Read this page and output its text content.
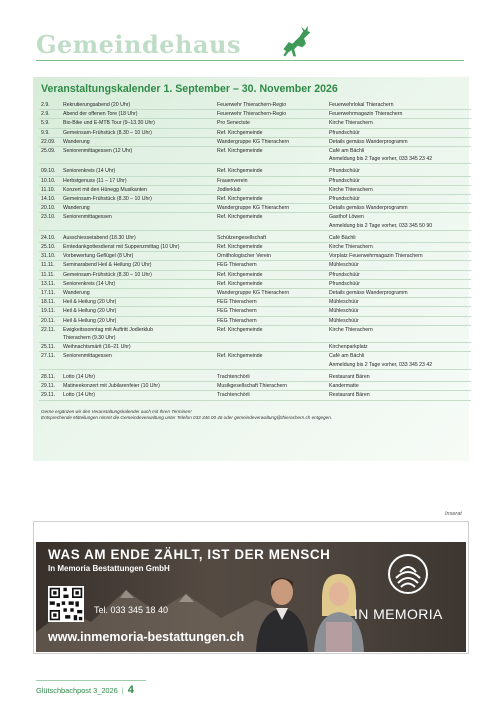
Gemeindehaus
Veranstaltungskalender 1. September – 30. November 2026
2.9.	Rekrutierungsabend (20 Uhr)	Feuerwehr Thierachern-Regio	Feuerwehrlokal Thierachern
2.9.	Abend der offenen Tore (18 Uhr)	Feuerwehr Thierachern-Regio	Feuerwehrmagazin Thierachern
5.9.	Bio-Bike und E-MTB Tour (9–13.30 Uhr)	Pro Senectute	Kirche Thierachern
9.9.	Gemeinsam-Frühstück (8.30 – 10 Uhr)	Ref. Kirchgemeinde	Pfrundschüür
22.09.	Wanderung	Wandergruppe KG Thierachern	Details gemäss Wanderprogramm
25.09.	Seniorenmittagessen (12 Uhr)	Ref. Kirchgemeinde	Café am Bächli
Anmeldung bis 2 Tage vorher, 033 345 23 42

09.10.	Seniorenkreis (14 Uhr)	Ref. Kirchgemeinde	Pfrundschüür
10.10.	Herbstgenuss (11 – 17 Uhr)	Frauenverein	Pfrundschüür
11.10.	Konzert mit den Hünegg Musikanten	Jodlerklub	Kirche Thierachern
14.10.	Gemeinsam-Frühstück (8.30 – 10 Uhr)	Ref. Kirchgemeinde	Pfrundschüür
20.10.	Wanderung	Wandergruppe KG Thierachern	Details gemäss Wanderprogramm
23.10.	Seniorenmittagessen	Ref. Kirchgemeinde	Gasthof Löwen
Anmeldung bis 2 Tage vorher, 033 345 50 90

24.10.	Ausschiessetabend (18.30 Uhr)	Schützengesellschaft	Café Bächli
25.10.	Erntedankgottesdienst mit Suppenzmittag (10 Uhr)	Ref. Kirchgemeinde	Kirche Thierachern
31.10.	Vorbewertung Geflügel (8 Uhr)	Ornithologischer Verein	Vorplatz Feuerwehrmagazin Thierachern
11.11.	Seminarabend Heil & Heilung (20 Uhr)	FEG Thierachern	Mühleschüür
11.11.	Gemeinsam-Frühstück (8.30 – 10 Uhr)	Ref. Kirchgemeinde	Pfrundschüür
13.11.	Seniorenkreis (14 Uhr)	Ref. Kirchgemeinde	Pfrundschüür
17.11.	Wanderung	Wandergruppe KG Thierachern	Details gemäss Wanderprogramm
18.11.	Heil & Heilung (20 Uhr)	FEG Thierachern	Mühleschüür
19.11.	Heil & Heilung (20 Uhr)	FEG Thierachern	Mühleschüür
20.11.	Heil & Heilung (20 Uhr)	FEG Thierachern	Mühleschüür
22.11.	Ewigkeitssonntag mit Auftritt Jodlerklub
Thierachern (9.30 Uhr)	Ref. Kirchgemeinde	Kirche Thierachern
25.11.	Weihnachtsmärit (16–21 Uhr)		Kirchenparkplatz
27.11.	Seniorenmittagessen	Ref. Kirchgemeinde	Café am Bächli
Anmeldung bis 2 Tage vorher, 033 345 23 42

28.11.	Lotto (14 Uhr)	Trachtenchörli	Restaurant Bären
29.11.	Matineekonzert mit Jubilarenfeier (10 Uhr)	Musikgesellschaft Thierachern	Kandermatte
29.11.	Lotto (14 Uhr)	Trachtenchörli	Restaurant Bären

Gerne ergänzen wir den Veranstaltungskalender auch mit Ihren Terminen!
Entsprechende Mitteilungen nimmt die Gemeindeverwaltung unter Telefon 033 346 00 46 oder gemeindeverwaltung@thierachern.ch entgegen.

Inserat
WAS AM ENDE ZÄHLT, IST DER MENSCH
In Memoria Bestattungen GmbH
Tel. 033 345 18 40
www.inmemoria-bestattungen.ch
IN MEMORIA
Glütschbachpost 3_2026 | 4
